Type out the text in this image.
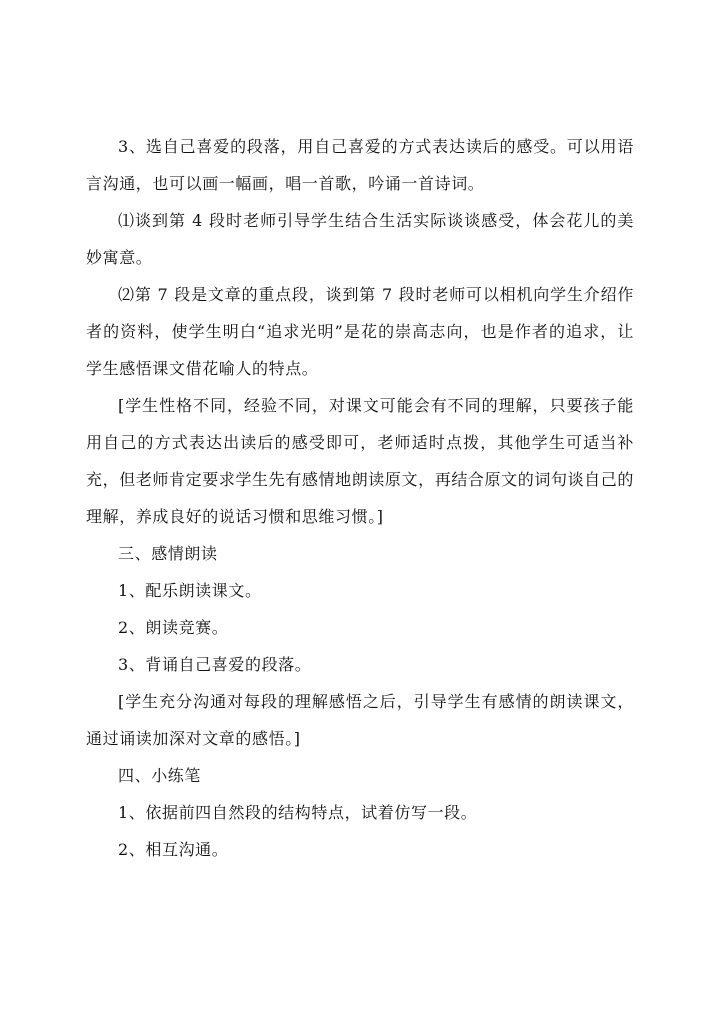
3、选自己喜爱的段落，用自己喜爱的方式表达读后的感受。可以用语言沟通，也可以画一幅画，唱一首歌，吟诵一首诗词。

⑴谈到第 4 段时老师引导学生结合生活实际谈谈感受，体会花儿的美妙寓意。

⑵第 7 段是文章的重点段，谈到第 7 段时老师可以相机向学生介绍作者的资料，使学生明白“追求光明”是花的崇高志向，也是作者的追求，让学生感悟课文借花喻人的特点。

[学生性格不同，经验不同，对课文可能会有不同的理解，只要孩子能用自己的方式表达出读后的感受即可，老师适时点拨，其他学生可适当补充，但老师肯定要求学生先有感情地朗读原文，再结合原文的词句谈自己的理解，养成良好的说话习惯和思维习惯。]

三、感情朗读

1、配乐朗读课文。

2、朗读竞赛。

3、背诵自己喜爱的段落。

[学生充分沟通对每段的理解感悟之后，引导学生有感情的朗读课文，通过诵读加深对文章的感悟。]

四、小练笔

1、依据前四自然段的结构特点，试着仿写一段。

2、相互沟通。
